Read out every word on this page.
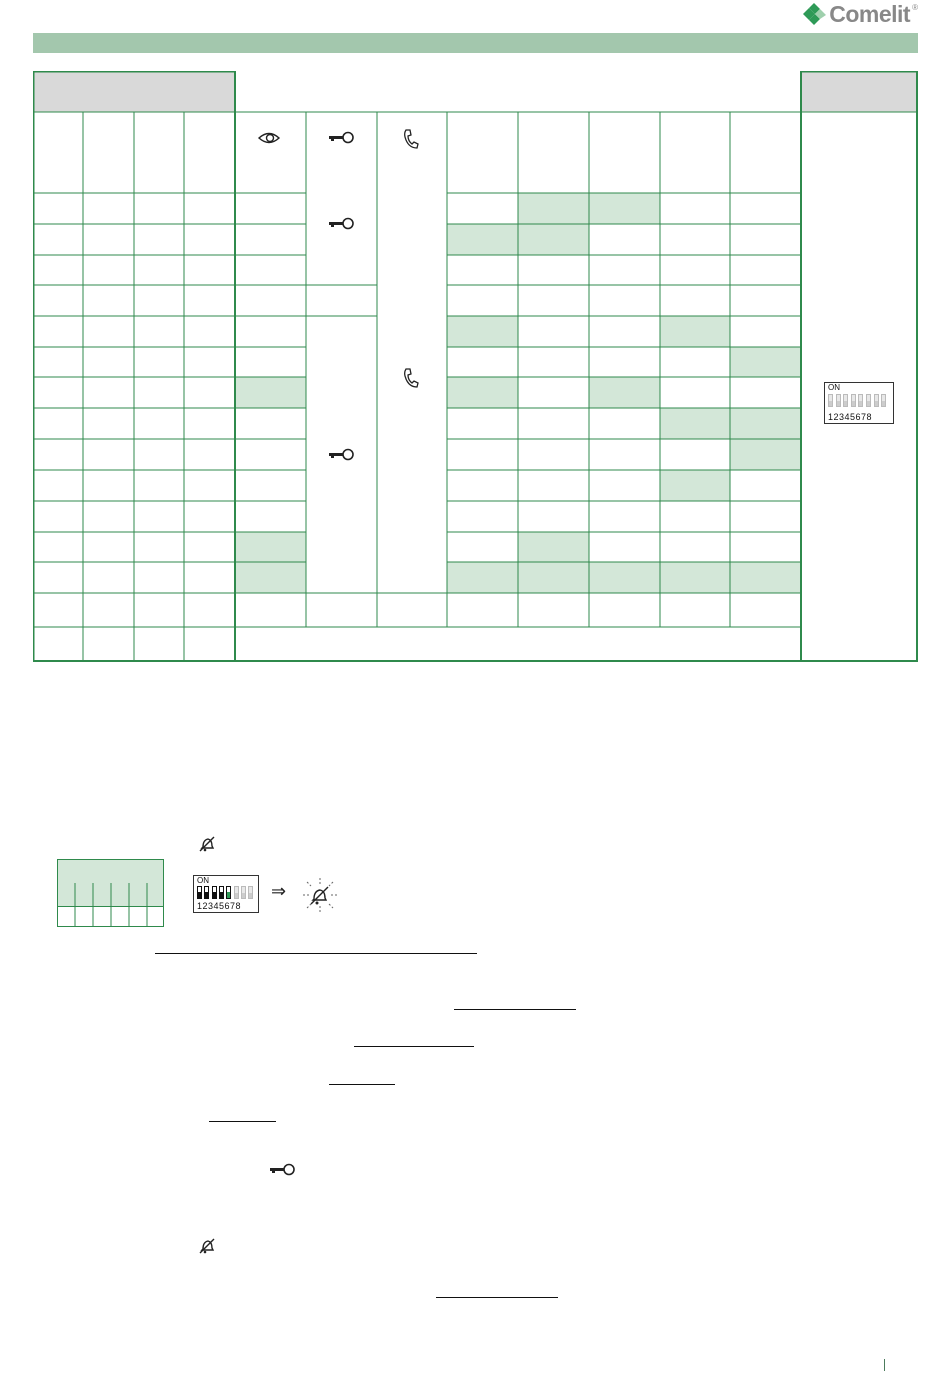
Comelit ®
ON
12345678
ON
12345678
⇒
